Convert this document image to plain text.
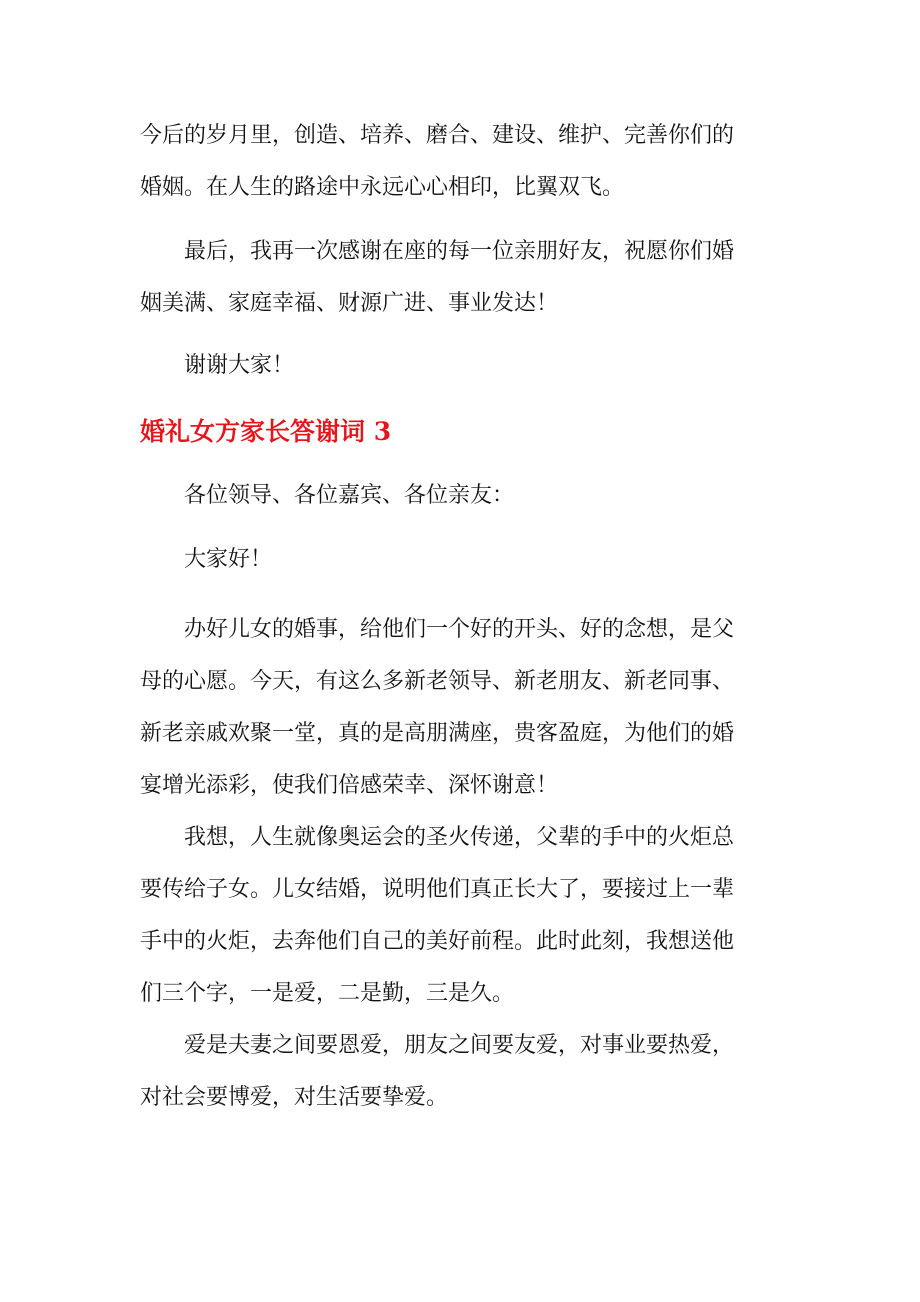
今后的岁月里，创造、培养、磨合、建设、维护、完善你们的
婚姻。在人生的路途中永远心心相印，比翼双飞。

最后，我再一次感谢在座的每一位亲朋好友，祝愿你们婚
姻美满、家庭幸福、财源广进、事业发达！

谢谢大家！

婚礼女方家长答谢词 3

各位领导、各位嘉宾、各位亲友：

大家好！

办好儿女的婚事，给他们一个好的开头、好的念想，是父
母的心愿。今天，有这么多新老领导、新老朋友、新老同事、
新老亲戚欢聚一堂，真的是高朋满座，贵客盈庭，为他们的婚
宴增光添彩，使我们倍感荣幸、深怀谢意！

我想，人生就像奥运会的圣火传递，父辈的手中的火炬总
要传给子女。儿女结婚，说明他们真正长大了，要接过上一辈
手中的火炬，去奔他们自己的美好前程。此时此刻，我想送他
们三个字，一是爱，二是勤，三是久。

爱是夫妻之间要恩爱，朋友之间要友爱，对事业要热爱，
对社会要博爱，对生活要挚爱。
